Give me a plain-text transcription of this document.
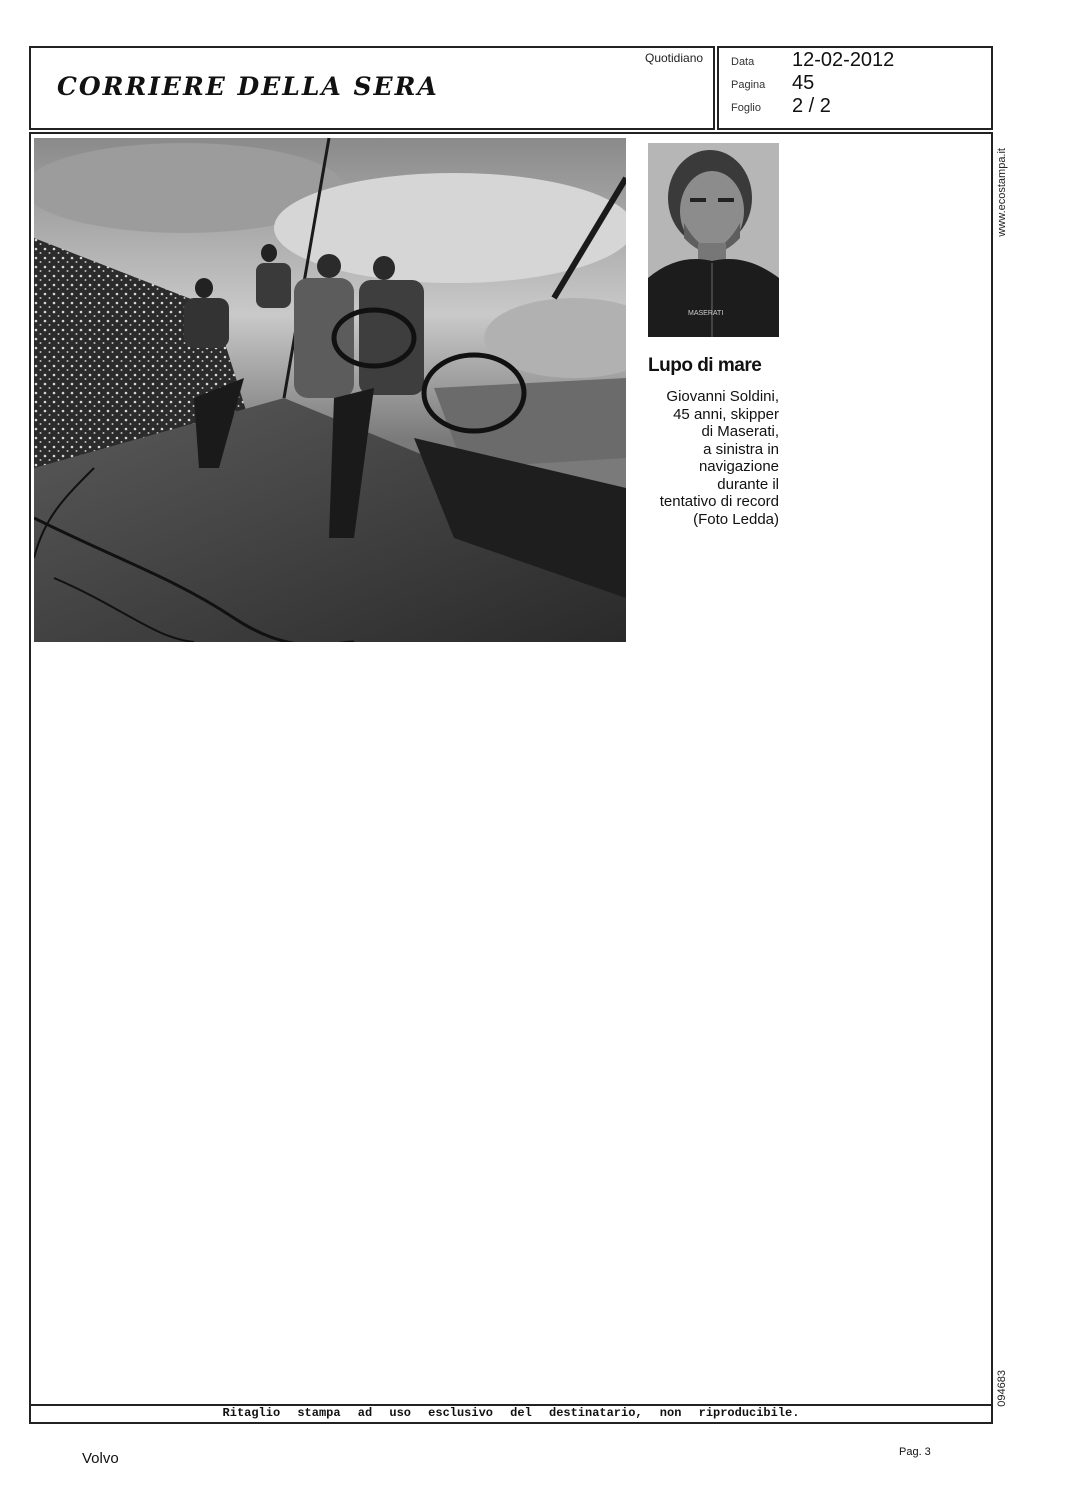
CORRIERE DELLA SERA
Quotidiano	Data 12-02-2012
Pagina 45
Foglio 2 / 2
Ritaglio stampa ad uso esclusivo del destinatario, non riproducibile.
MASERATI
Lupo di mare
Giovanni Soldini,
45 anni, skipper
di Maserati,
a sinistra in
navigazione
durante il
tentativo di record
(Foto Ledda)
www.ecostampa.it
094683
Volvo	Pag. 3
